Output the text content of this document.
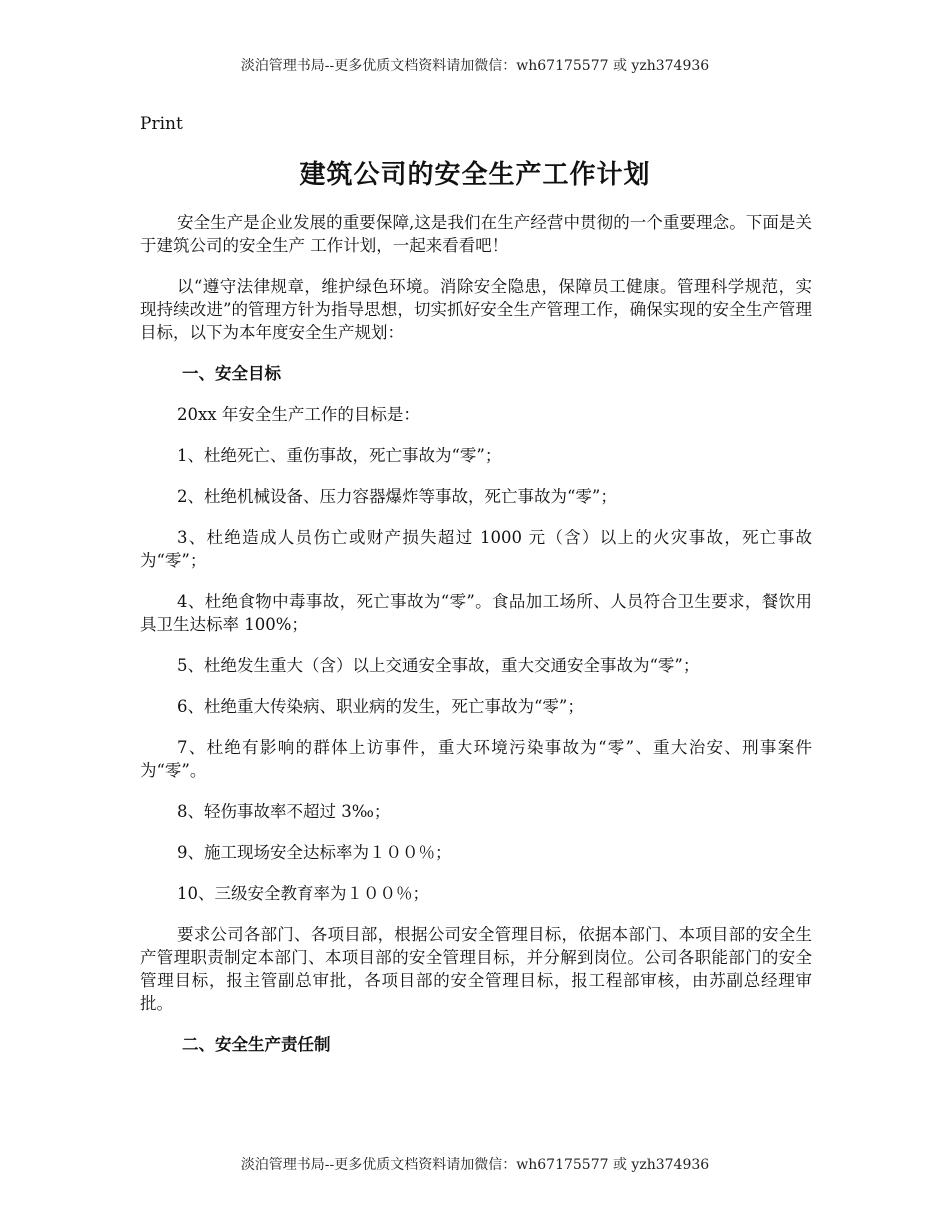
淡泊管理书局--更多优质文档资料请加微信：wh67175577 或 yzh374936
Print
建筑公司的安全生产工作计划

安全生产是企业发展的重要保障,这是我们在生产经营中贯彻的一个重要理念。下面是关于建筑公司的安全生产 工作计划，一起来看看吧！

以“遵守法律规章，维护绿色环境。消除安全隐患，保障员工健康。管理科学规范，实现持续改进”的管理方针为指导思想，切实抓好安全生产管理工作，确保实现的安全生产管理目标，以下为本年度安全生产规划：

一、安全目标

20xx 年安全生产工作的目标是：

1、杜绝死亡、重伤事故，死亡事故为“零”；

2、杜绝机械设备、压力容器爆炸等事故，死亡事故为“零”；

3、杜绝造成人员伤亡或财产损失超过 1000 元（含）以上的火灾事故，死亡事故为“零”；

4、杜绝食物中毒事故，死亡事故为“零”。食品加工场所、人员符合卫生要求，餐饮用具卫生达标率 100%；

5、杜绝发生重大（含）以上交通安全事故，重大交通安全事故为“零”；

6、杜绝重大传染病、职业病的发生，死亡事故为“零”；

7、杜绝有影响的群体上访事件，重大环境污染事故为“零”、重大治安、刑事案件为“零”。

8、轻伤事故率不超过 3‰；

9、施工现场安全达标率为１００％；

10、三级安全教育率为１００％；

要求公司各部门、各项目部，根据公司安全管理目标，依据本部门、本项目部的安全生产管理职责制定本部门、本项目部的安全管理目标，并分解到岗位。公司各职能部门的安全管理目标，报主管副总审批，各项目部的安全管理目标，报工程部审核，由苏副总经理审批。

二、安全生产责任制
淡泊管理书局--更多优质文档资料请加微信：wh67175577 或 yzh374936
